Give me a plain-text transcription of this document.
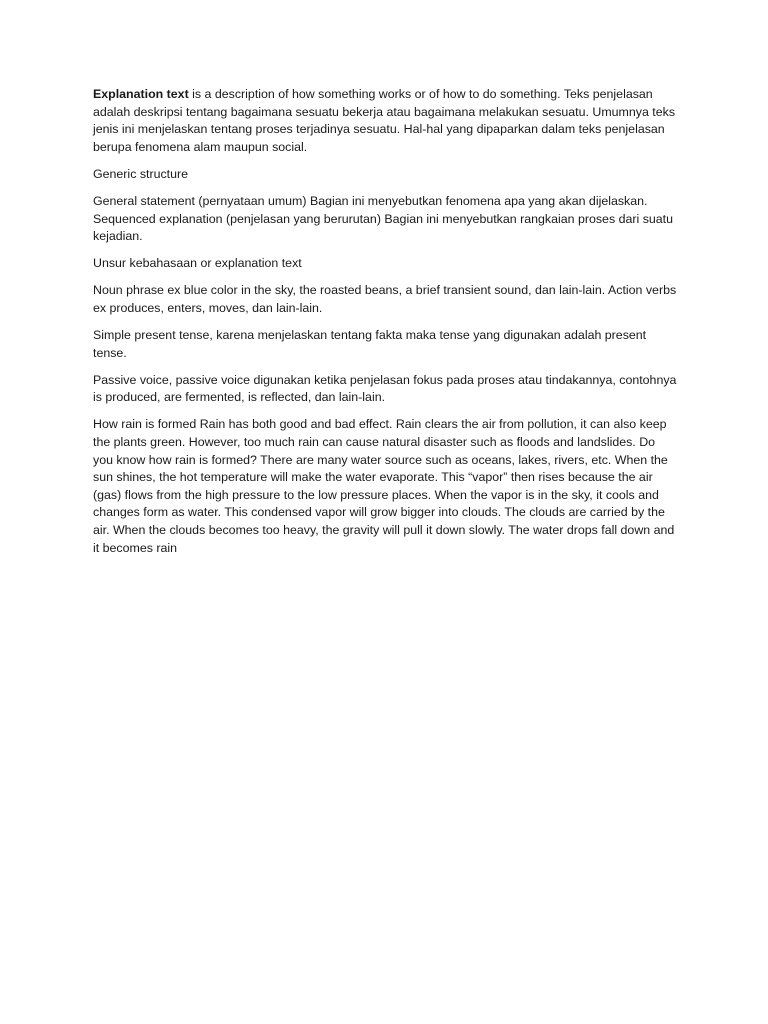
Explanation text is a description of how something works or of how to do something. Teks penjelasan adalah deskripsi tentang bagaimana sesuatu bekerja atau bagaimana melakukan sesuatu. Umumnya teks jenis ini menjelaskan tentang proses terjadinya sesuatu. Hal-hal yang dipaparkan dalam teks penjelasan berupa fenomena alam maupun social.

Generic structure

General statement (pernyataan umum) Bagian ini menyebutkan fenomena apa yang akan dijelaskan. Sequenced explanation (penjelasan yang berurutan) Bagian ini menyebutkan rangkaian proses dari suatu kejadian.

Unsur kebahasaan or explanation text

Noun phrase ex blue color in the sky, the roasted beans, a brief transient sound, dan lain-lain. Action verbs ex produces, enters, moves, dan lain-lain.

Simple present tense, karena menjelaskan tentang fakta maka tense yang digunakan adalah present tense.

Passive voice, passive voice digunakan ketika penjelasan fokus pada proses atau tindakannya, contohnya is produced, are fermented, is reflected, dan lain-lain.

How rain is formed Rain has both good and bad effect. Rain clears the air from pollution, it can also keep the plants green. However, too much rain can cause natural disaster such as floods and landslides. Do you know how rain is formed? There are many water source such as oceans, lakes, rivers, etc. When the sun shines, the hot temperature will make the water evaporate. This “vapor” then rises because the air (gas) flows from the high pressure to the low pressure places. When the vapor is in the sky, it cools and changes form as water. This condensed vapor will grow bigger into clouds. The clouds are carried by the air. When the clouds becomes too heavy, the gravity will pull it down slowly. The water drops fall down and it becomes rain
